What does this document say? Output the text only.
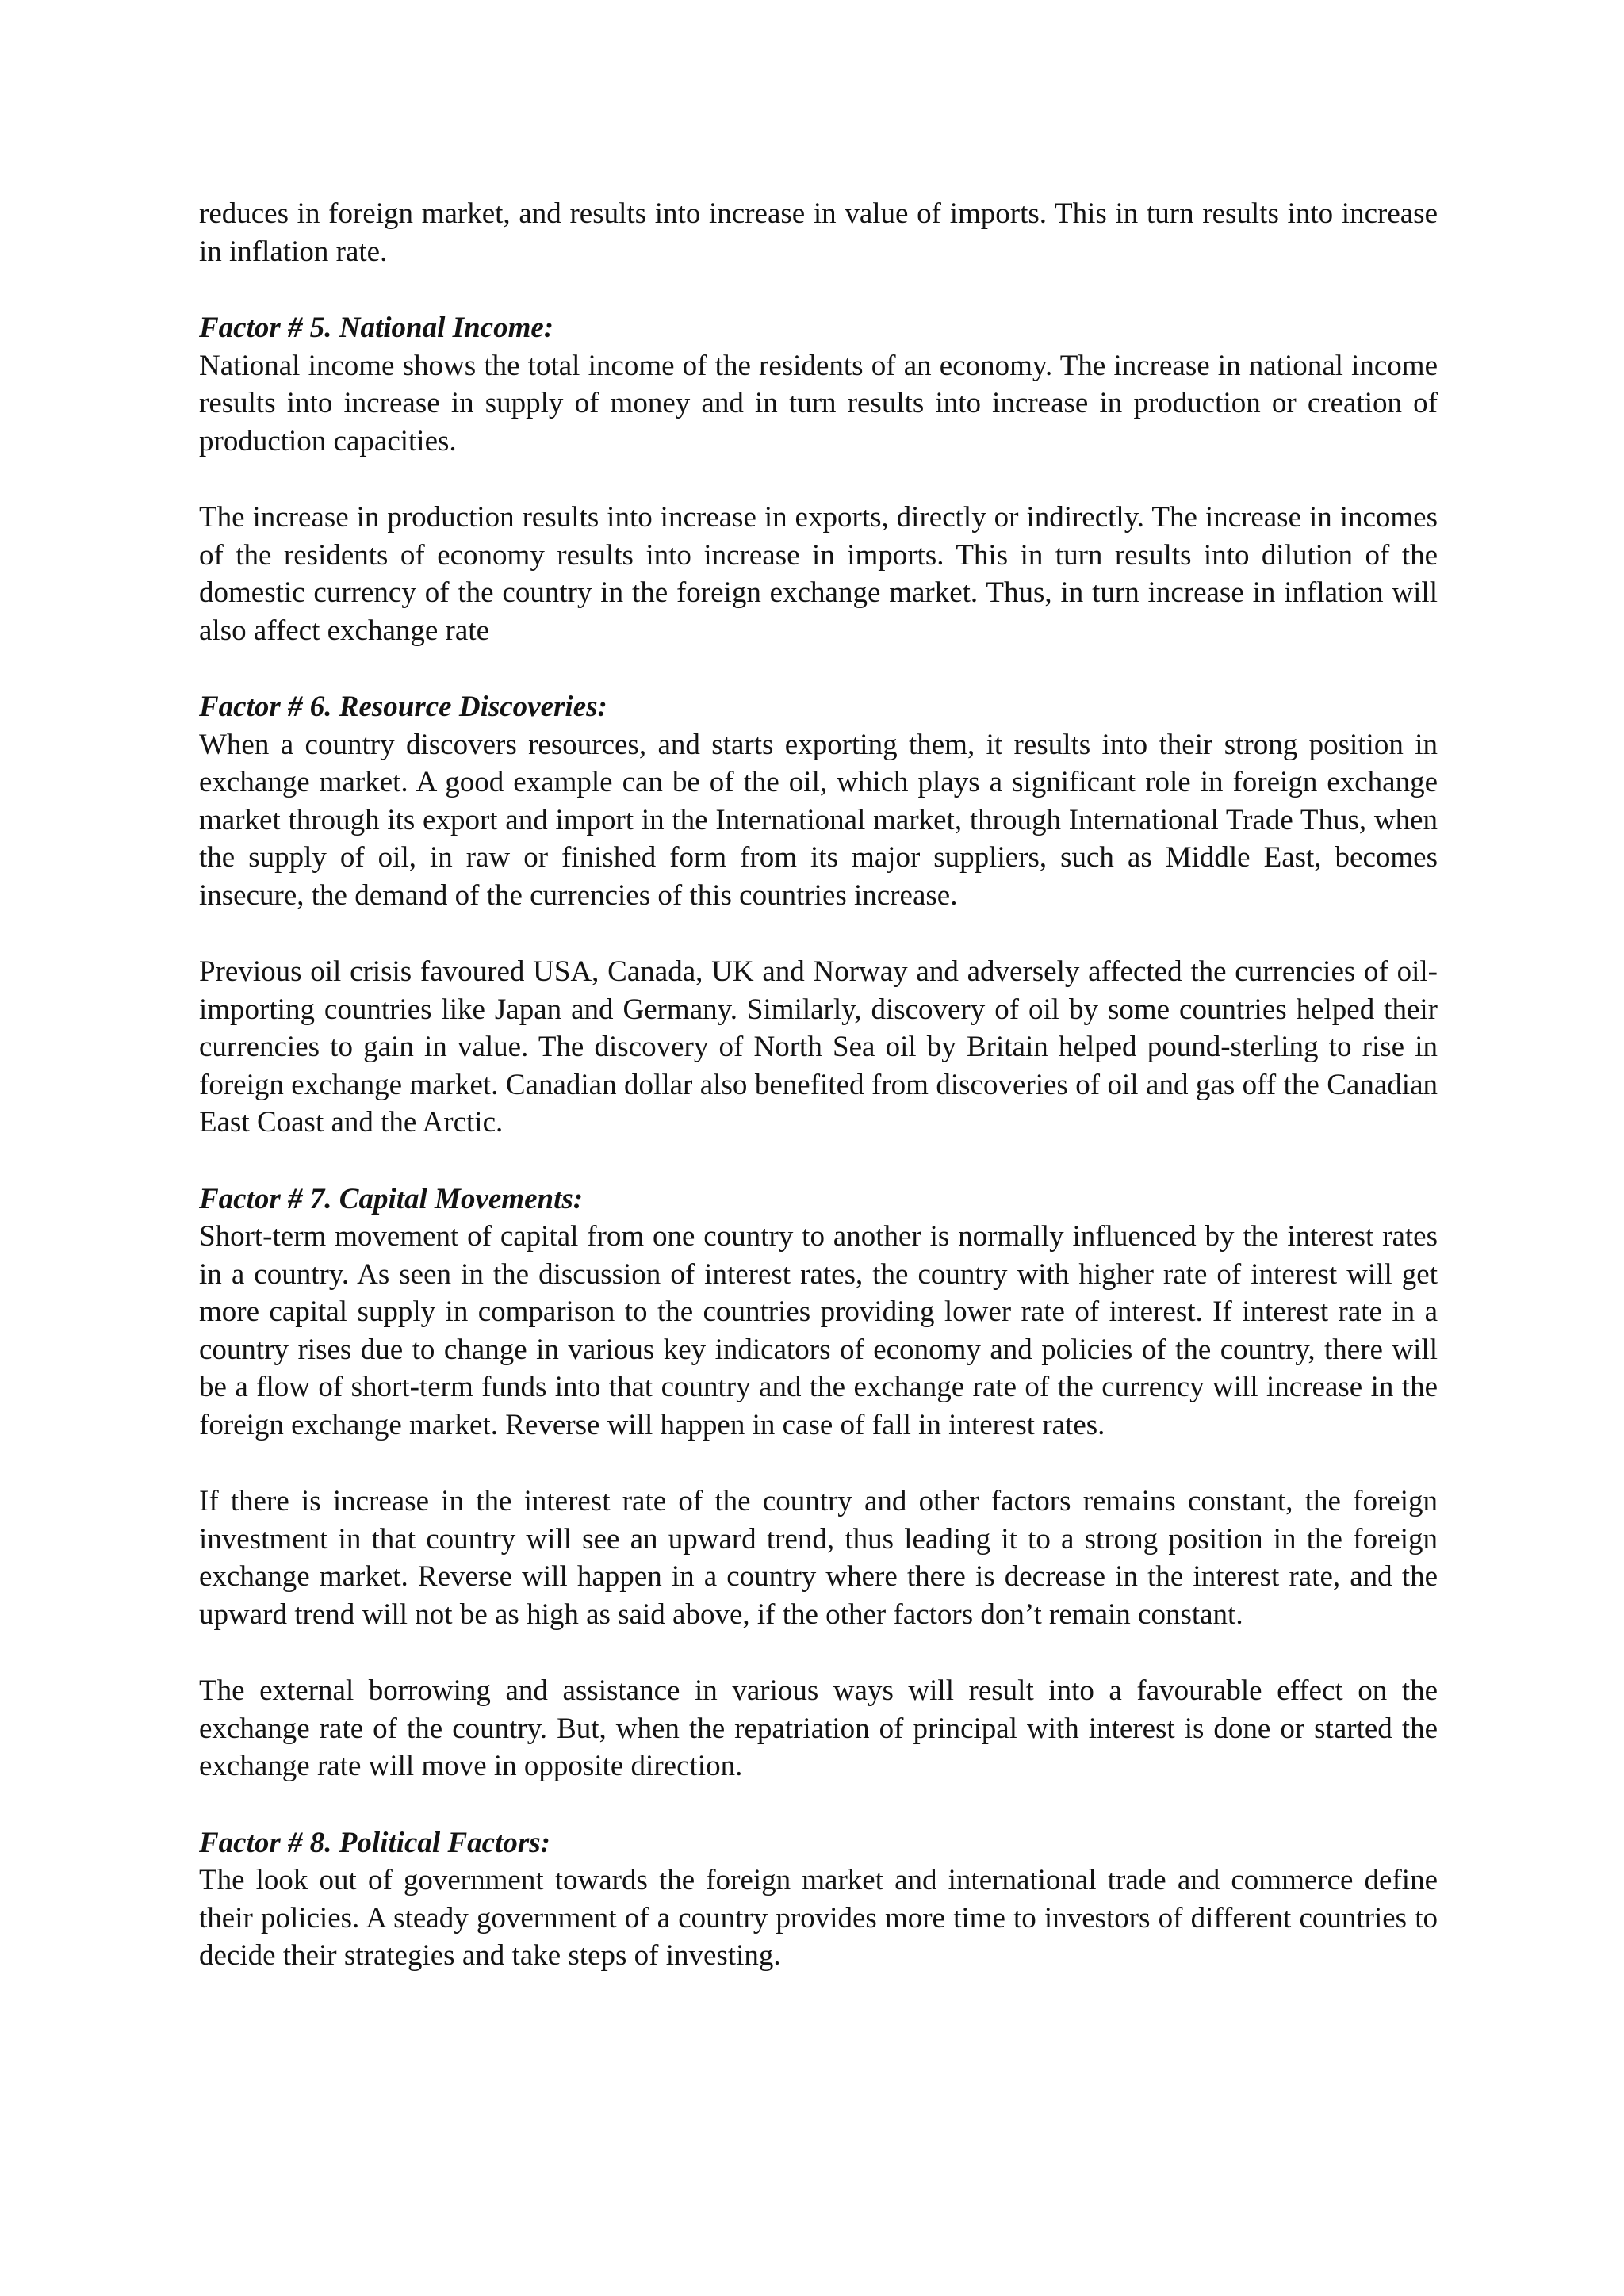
reduces in foreign market, and results into increase in value of imports. This in turn results into increase in inflation rate.

Factor # 5. National Income:

National income shows the total income of the residents of an economy. The increase in national income results into increase in supply of money and in turn results into increase in production or creation of production capacities.

The increase in production results into increase in exports, directly or indirectly. The increase in incomes of the residents of economy results into increase in imports. This in turn results into dilution of the domestic currency of the country in the foreign exchange market. Thus, in turn increase in inflation will also affect exchange rate

Factor # 6. Resource Discoveries:

When a country discovers resources, and starts exporting them, it results into their strong position in exchange market. A good example can be of the oil, which plays a significant role in foreign exchange market through its export and import in the International market, through International Trade Thus, when the supply of oil, in raw or finished form from its major suppliers, such as Middle East, becomes insecure, the demand of the currencies of this countries increase.

Previous oil crisis favoured USA, Canada, UK and Norway and adversely affected the currencies of oil-importing countries like Japan and Germany. Similarly, discovery of oil by some countries helped their currencies to gain in value. The discovery of North Sea oil by Britain helped pound-sterling to rise in foreign exchange market. Canadian dollar also benefited from discoveries of oil and gas off the Canadian East Coast and the Arctic.

Factor # 7. Capital Movements:

Short-term movement of capital from one country to another is normally influenced by the interest rates in a country. As seen in the discussion of interest rates, the country with higher rate of interest will get more capital supply in comparison to the countries providing lower rate of interest. If interest rate in a country rises due to change in various key indicators of economy and policies of the country, there will be a flow of short-term funds into that country and the exchange rate of the currency will increase in the foreign exchange market. Reverse will happen in case of fall in interest rates.

If there is increase in the interest rate of the country and other factors remains constant, the foreign investment in that country will see an upward trend, thus leading it to a strong position in the foreign exchange market. Reverse will happen in a country where there is decrease in the interest rate, and the upward trend will not be as high as said above, if the other factors don’t remain constant.

The external borrowing and assistance in various ways will result into a favourable effect on the exchange rate of the country. But, when the repatriation of principal with interest is done or started the exchange rate will move in opposite direction.

Factor # 8. Political Factors:

The look out of government towards the foreign market and international trade and commerce define their policies. A steady government of a country provides more time to investors of different countries to decide their strategies and take steps of investing.
